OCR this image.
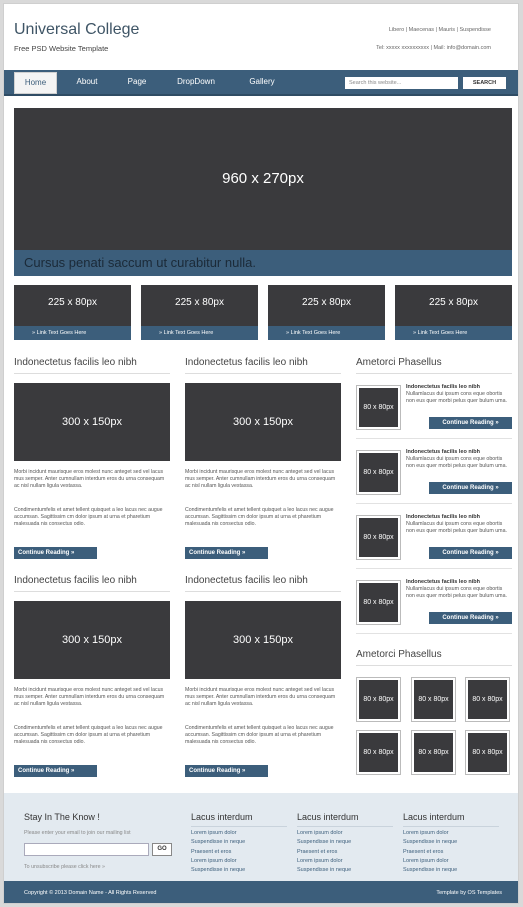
Universal College
Free PSD Website Template
Libero | Maecenas | Mauris | Suspendisse
Tel: xxxxx xxxxxxxxxx | Mail: info@domain.com
Home	About	Page	DropDown	Gallery	Search this website...	SEARCH
960 x 270px
Cursus penati saccum ut curabitur nulla.
225 x 80px
» Link Text Goes Here
225 x 80px
» Link Text Goes Here
225 x 80px
» Link Text Goes Here
225 x 80px
» Link Text Goes Here
Indonectetus facilis leo nibh
300 x 150px
Morbi incidunt maurisque eros molest nunc anteget sed vel lacus mus semper. Anter cumnullam interdum eros du urna consequam ac nisl nullam ligula vestassa.
Condimentumfelis et amet tellent quisquet a leo lacus nec augue accumsan. Sagittissim cm dolor ipsum at urna et pharetium malesuada nis consectus odio.
Continue Reading »
Indonectetus facilis leo nibh
300 x 150px
Morbi incidunt maurisque eros molest nunc anteget sed vel lacus mus semper. Anter cumnullam interdum eros du urna consequam ac nisl nullam ligula vestassa.
Condimentumfelis et amet tellent quisquet a leo lacus nec augue accumsan. Sagittissim cm dolor ipsum at urna et pharetium malesuada nis consectus odio.
Continue Reading »
Indonectetus facilis leo nibh
300 x 150px
Morbi incidunt maurisque eros molest nunc anteget sed vel lacus mus semper. Anter cumnullam interdum eros du urna consequam ac nisl nullam ligula vestassa.
Condimentumfelis et amet tellent quisquet a leo lacus nec augue accumsan. Sagittissim cm dolor ipsum at urna et pharetium malesuada nis consectus odio.
Continue Reading »
Indonectetus facilis leo nibh
300 x 150px
Morbi incidunt maurisque eros molest nunc anteget sed vel lacus mus semper. Anter cumnullam interdum eros du urna consequam ac nisl nullam ligula vestassa.
Condimentumfelis et amet tellent quisquet a leo lacus nec augue accumsan. Sagittissim cm dolor ipsum at urna et pharetium malesuada nis consectus odio.
Continue Reading »
Ametorci Phasellus
80 x 80px
Indonectetus facilis leo nibh
Nullamlacus dui ipsum cons eque obortis non eus quer morbi pelus quer bulum uma.
Continue Reading »
80 x 80px
Indonectetus facilis leo nibh
Nullamlacus dui ipsum cons eque obortis non eus quer morbi pelus quer bulum uma.
Continue Reading »
80 x 80px
Indonectetus facilis leo nibh
Nullamlacus dui ipsum cons eque obortis non eus quer morbi pelus quer bulum uma.
Continue Reading »
80 x 80px
Indonectetus facilis leo nibh
Nullamlacus dui ipsum cons eque obortis non eus quer morbi pelus quer bulum uma.
Continue Reading »
Ametorci Phasellus
80 x 80px	80 x 80px	80 x 80px
80 x 80px	80 x 80px	80 x 80px
Stay In The Know !
Please enter your email to join our mailing list
GO
To unsubscribe please click here »
Lacus interdum
Lorem ipsum dolor
Suspendisse in neque
Praesent et eros
Lorem ipsum dolor
Suspendisse in neque
Lacus interdum
Lorem ipsum dolor
Suspendisse in neque
Praesent et eros
Lorem ipsum dolor
Suspendisse in neque
Lacus interdum
Lorem ipsum dolor
Suspendisse in neque
Praesent et eros
Lorem ipsum dolor
Suspendisse in neque
Copyright © 2013 Domain Name - All Rights Reserved	Template by OS Templates
